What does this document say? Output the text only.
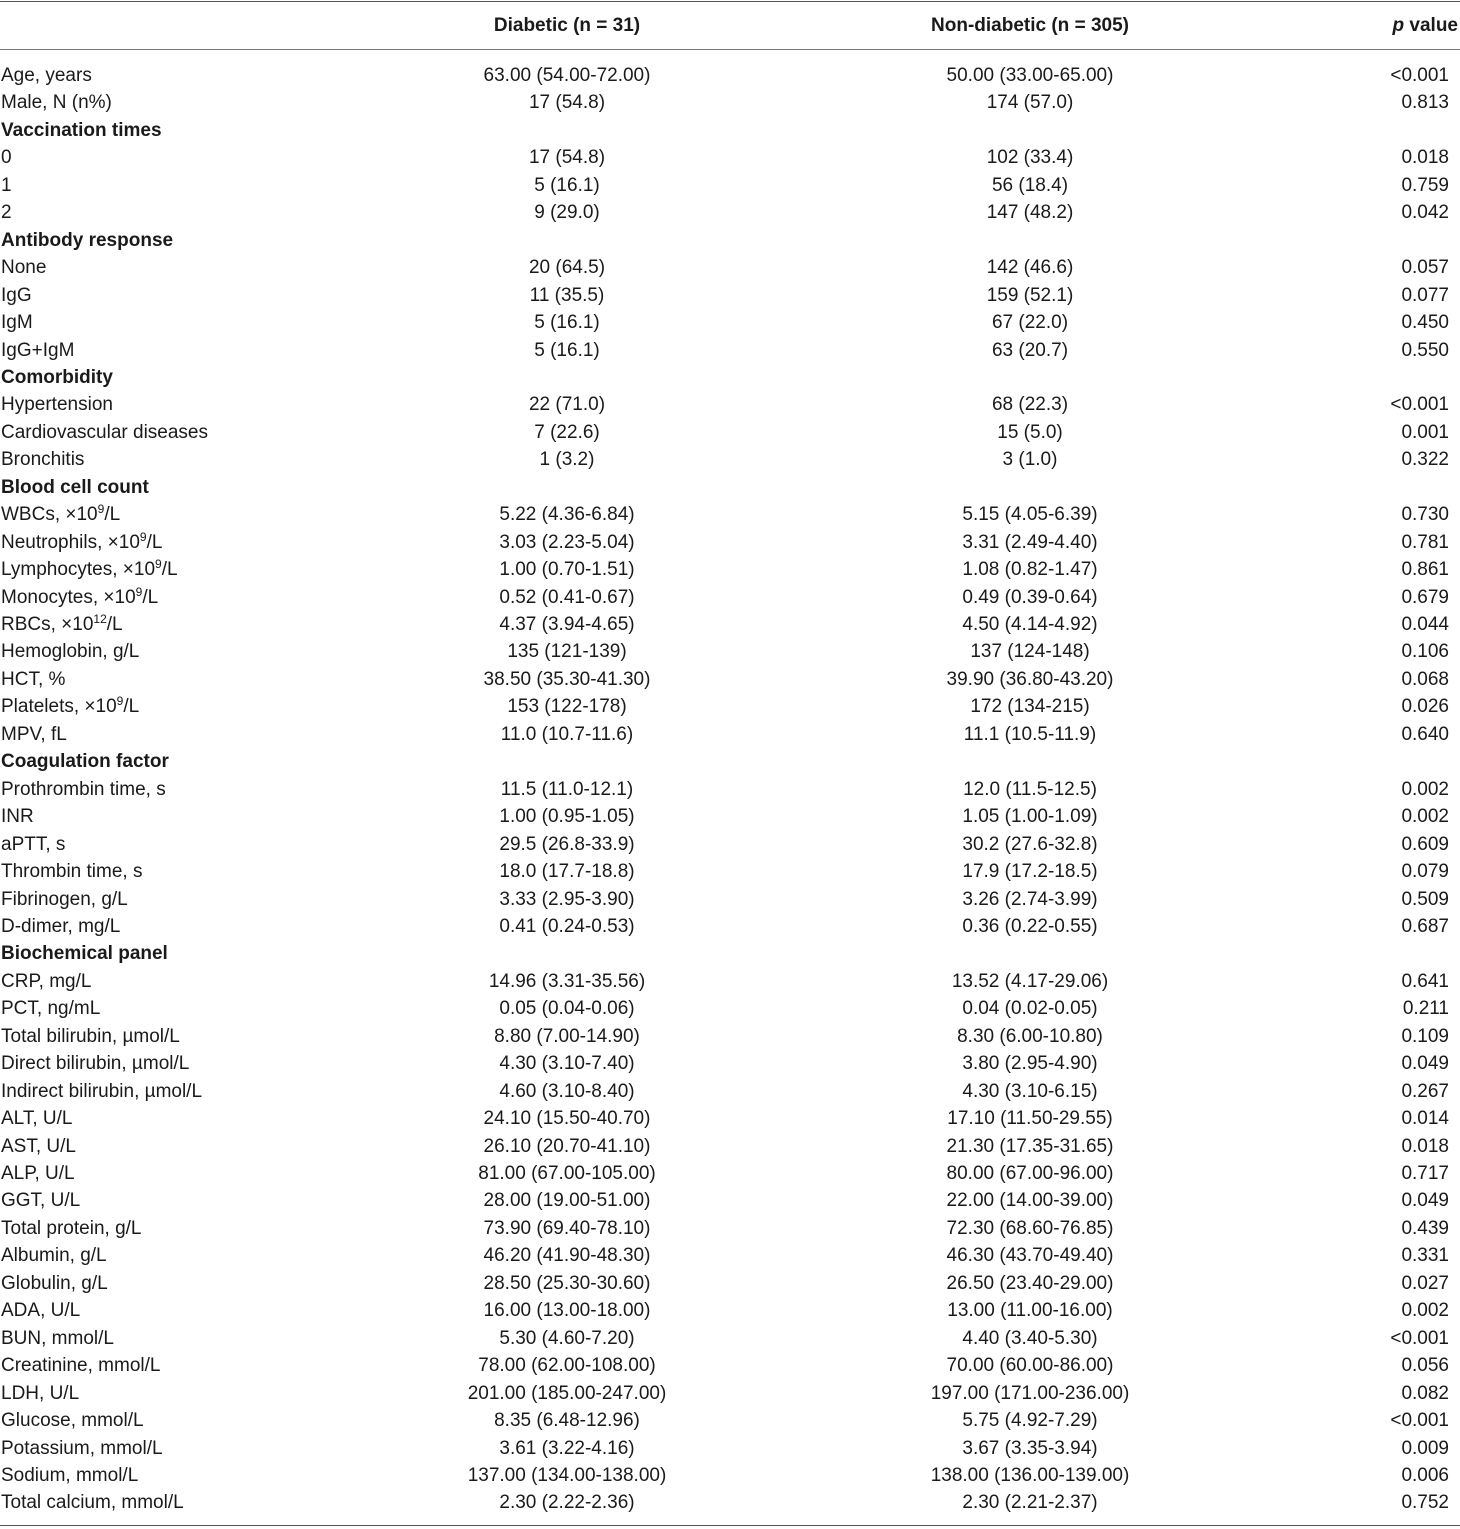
Diabetic (n = 31)	Non-diabetic (n = 305)	p value
Age, years	63.00 (54.00-72.00)	50.00 (33.00-65.00)	<0.001
Male, N (n%)	17 (54.8)	174 (57.0)	0.813
Vaccination times
0	17 (54.8)	102 (33.4)	0.018
1	5 (16.1)	56 (18.4)	0.759
2	9 (29.0)	147 (48.2)	0.042
Antibody response
None	20 (64.5)	142 (46.6)	0.057
IgG	11 (35.5)	159 (52.1)	0.077
IgM	5 (16.1)	67 (22.0)	0.450
IgG+IgM	5 (16.1)	63 (20.7)	0.550
Comorbidity
Hypertension	22 (71.0)	68 (22.3)	<0.001
Cardiovascular diseases	7 (22.6)	15 (5.0)	0.001
Bronchitis	1 (3.2)	3 (1.0)	0.322
Blood cell count
WBCs, $\times 10^9/L$	5.22 (4.36-6.84)	5.15 (4.05-6.39)	0.730
Neutrophils, $\times 10^9/L$	3.03 (2.23-5.04)	3.31 (2.49-4.40)	0.781
Lymphocytes, $\times 10^9/L$	1.00 (0.70-1.51)	1.08 (0.82-1.47)	0.861
Monocytes, $\times 10^9/L$	0.52 (0.41-0.67)	0.49 (0.39-0.64)	0.679
RBCs, $\times 10^{12}/L$	4.37 (3.94-4.65)	4.50 (4.14-4.92)	0.044
Hemoglobin, g/L	135 (121-139)	137 (124-148)	0.106
HCT, %	38.50 (35.30-41.30)	39.90 (36.80-43.20)	0.068
Platelets, $\times 10^9/L$	153 (122-178)	172 (134-215)	0.026
MPV, fL	11.0 (10.7-11.6)	11.1 (10.5-11.9)	0.640
Coagulation factor
Prothrombin time, s	11.5 (11.0-12.1)	12.0 (11.5-12.5)	0.002
INR	1.00 (0.95-1.05)	1.05 (1.00-1.09)	0.002
aPTT, s	29.5 (26.8-33.9)	30.2 (27.6-32.8)	0.609
Thrombin time, s	18.0 (17.7-18.8)	17.9 (17.2-18.5)	0.079
Fibrinogen, g/L	3.33 (2.95-3.90)	3.26 (2.74-3.99)	0.509
D-dimer, mg/L	0.41 (0.24-0.53)	0.36 (0.22-0.55)	0.687
Biochemical panel
CRP, mg/L	14.96 (3.31-35.56)	13.52 (4.17-29.06)	0.641
PCT, ng/mL	0.05 (0.04-0.06)	0.04 (0.02-0.05)	0.211
Total bilirubin, µmol/L	8.80 (7.00-14.90)	8.30 (6.00-10.80)	0.109
Direct bilirubin, µmol/L	4.30 (3.10-7.40)	3.80 (2.95-4.90)	0.049
Indirect bilirubin, µmol/L	4.60 (3.10-8.40)	4.30 (3.10-6.15)	0.267
ALT, U/L	24.10 (15.50-40.70)	17.10 (11.50-29.55)	0.014
AST, U/L	26.10 (20.70-41.10)	21.30 (17.35-31.65)	0.018
ALP, U/L	81.00 (67.00-105.00)	80.00 (67.00-96.00)	0.717
GGT, U/L	28.00 (19.00-51.00)	22.00 (14.00-39.00)	0.049
Total protein, g/L	73.90 (69.40-78.10)	72.30 (68.60-76.85)	0.439
Albumin, g/L	46.20 (41.90-48.30)	46.30 (43.70-49.40)	0.331
Globulin, g/L	28.50 (25.30-30.60)	26.50 (23.40-29.00)	0.027
ADA, U/L	16.00 (13.00-18.00)	13.00 (11.00-16.00)	0.002
BUN, mmol/L	5.30 (4.60-7.20)	4.40 (3.40-5.30)	<0.001
Creatinine, mmol/L	78.00 (62.00-108.00)	70.00 (60.00-86.00)	0.056
LDH, U/L	201.00 (185.00-247.00)	197.00 (171.00-236.00)	0.082
Glucose, mmol/L	8.35 (6.48-12.96)	5.75 (4.92-7.29)	<0.001
Potassium, mmol/L	3.61 (3.22-4.16)	3.67 (3.35-3.94)	0.009
Sodium, mmol/L	137.00 (134.00-138.00)	138.00 (136.00-139.00)	0.006
Total calcium, mmol/L	2.30 (2.22-2.36)	2.30 (2.21-2.37)	0.752
